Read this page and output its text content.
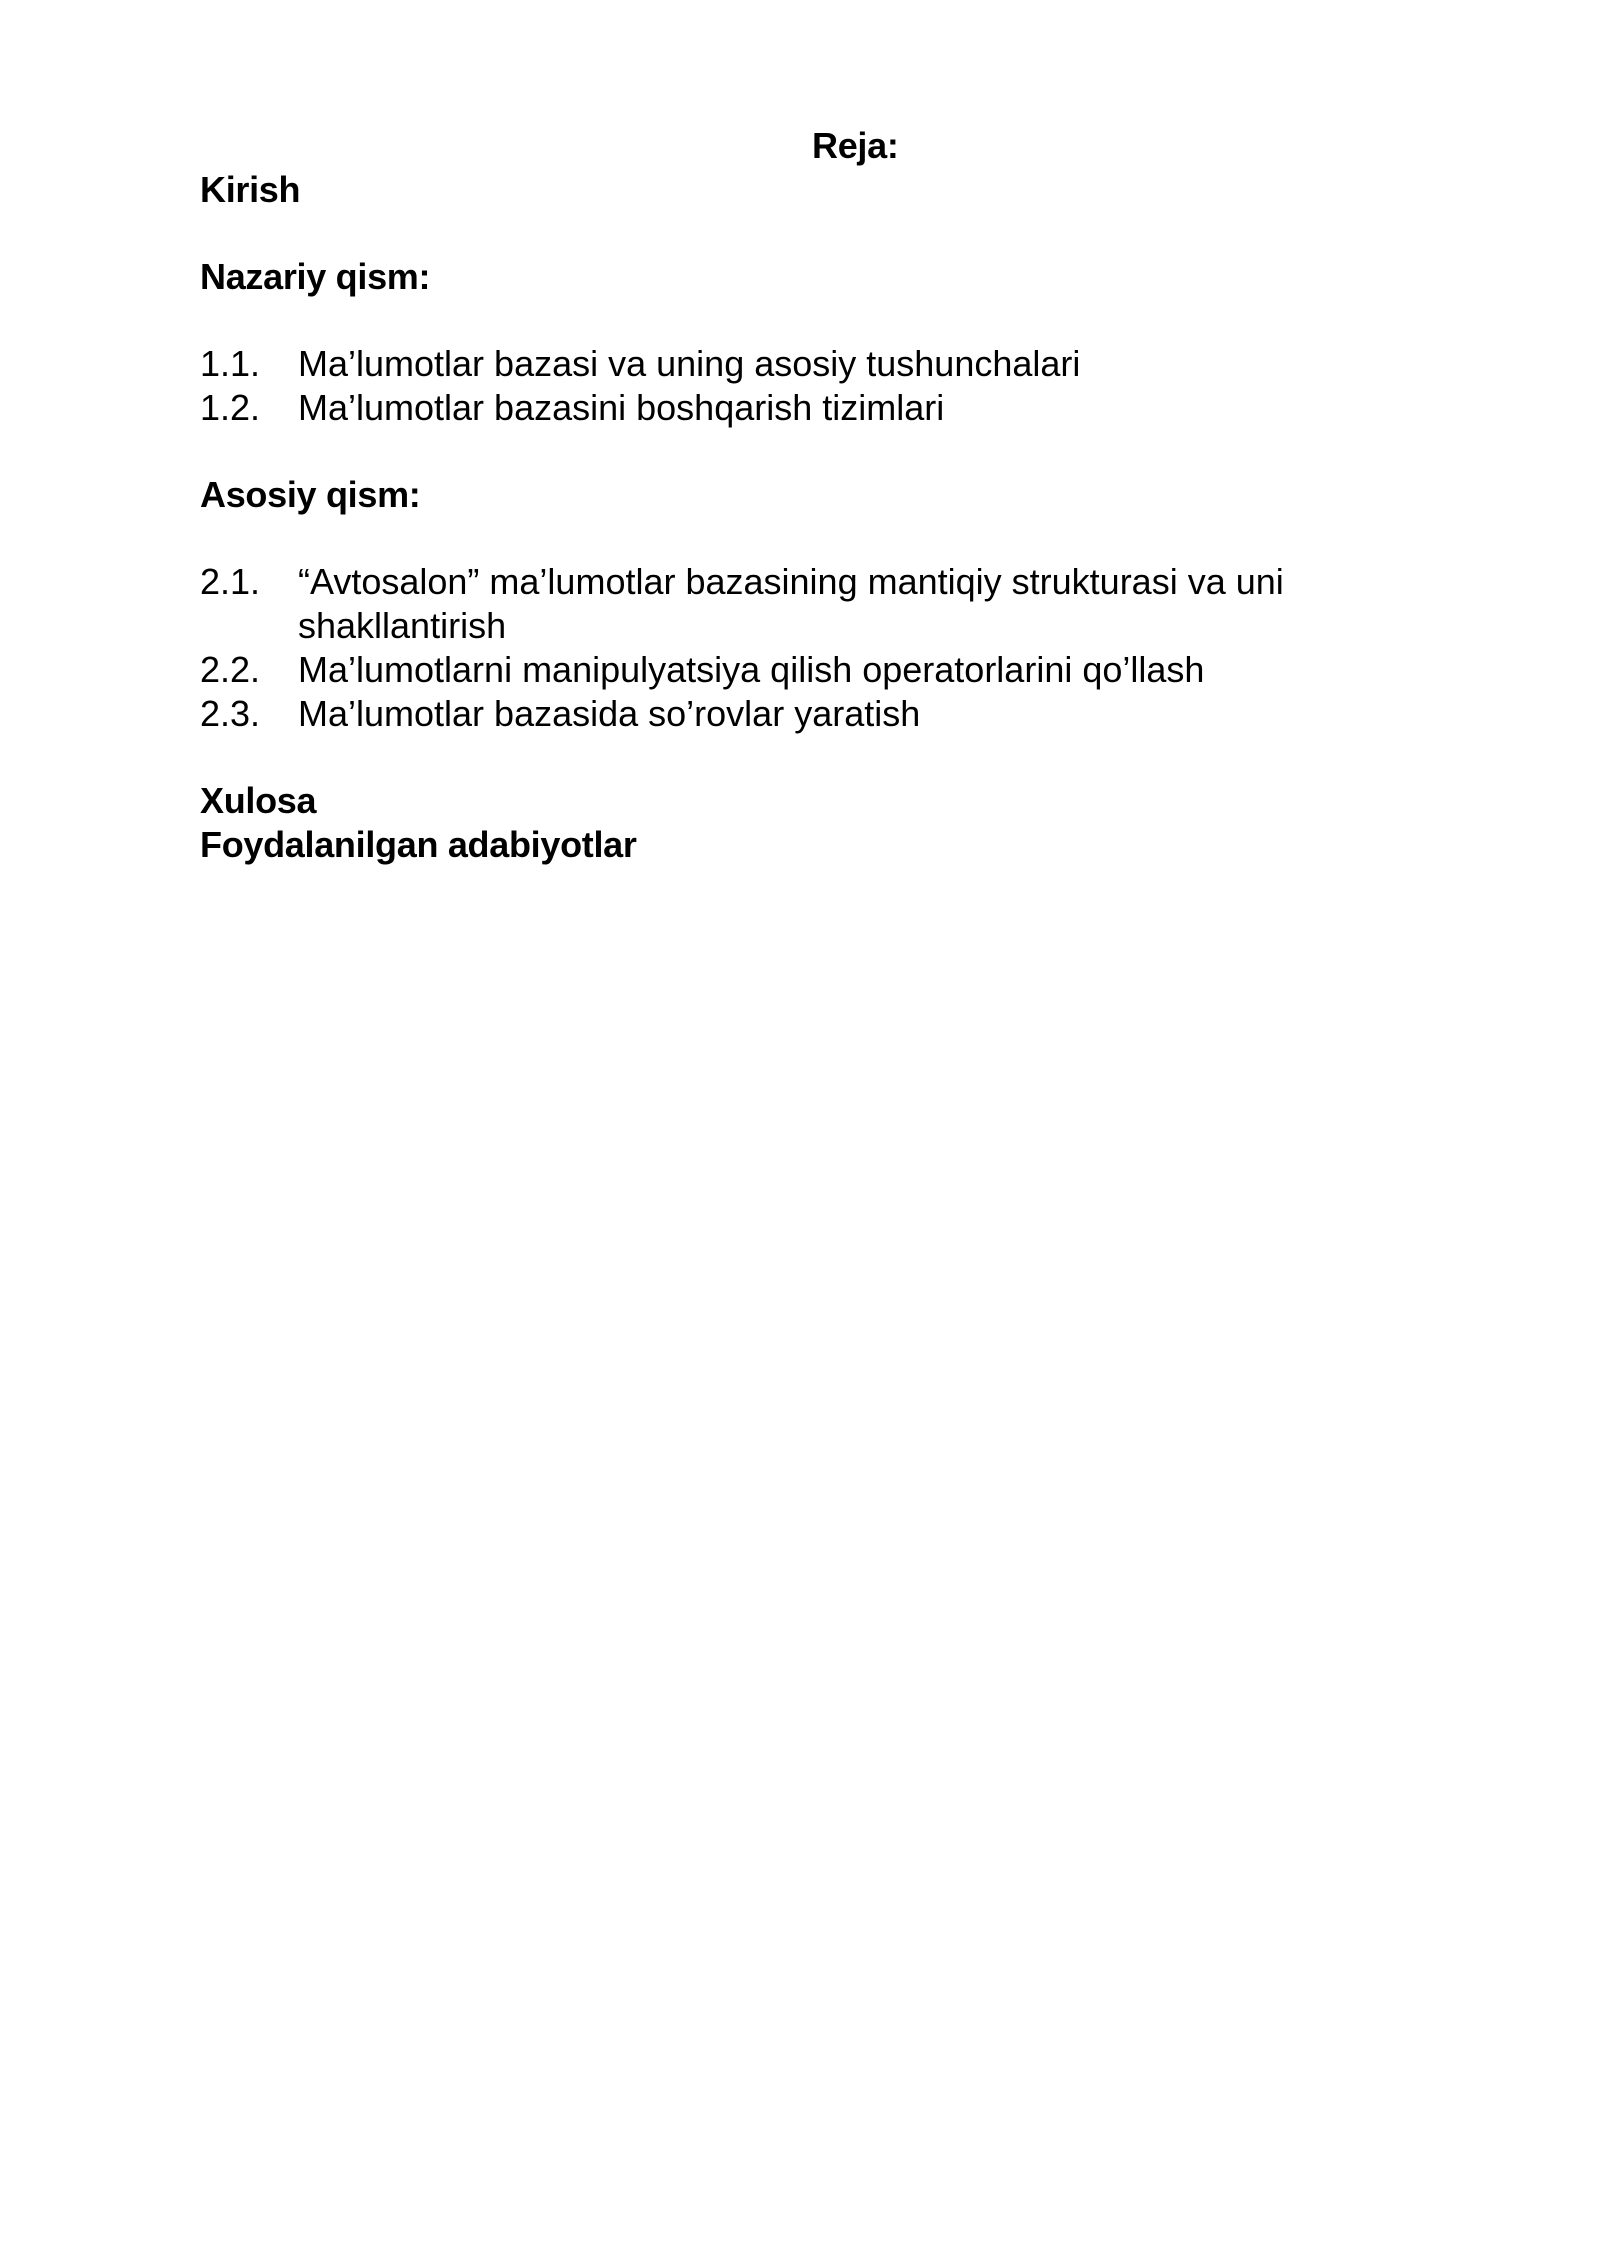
Reja:
Kirish
Nazariy qism:
1.1. Ma’lumotlar bazasi va uning asosiy tushunchalari
1.2. Ma’lumotlar bazasini boshqarish tizimlari
Asosiy qism:
2.1. “Avtosalon” ma’lumotlar bazasining mantiqiy strukturasi va uni
shakllantirish
2.2. Ma’lumotlarni manipulyatsiya qilish operatorlarini qo’llash
2.3. Ma’lumotlar bazasida so’rovlar yaratish
Xulosa
Foydalanilgan adabiyotlar
